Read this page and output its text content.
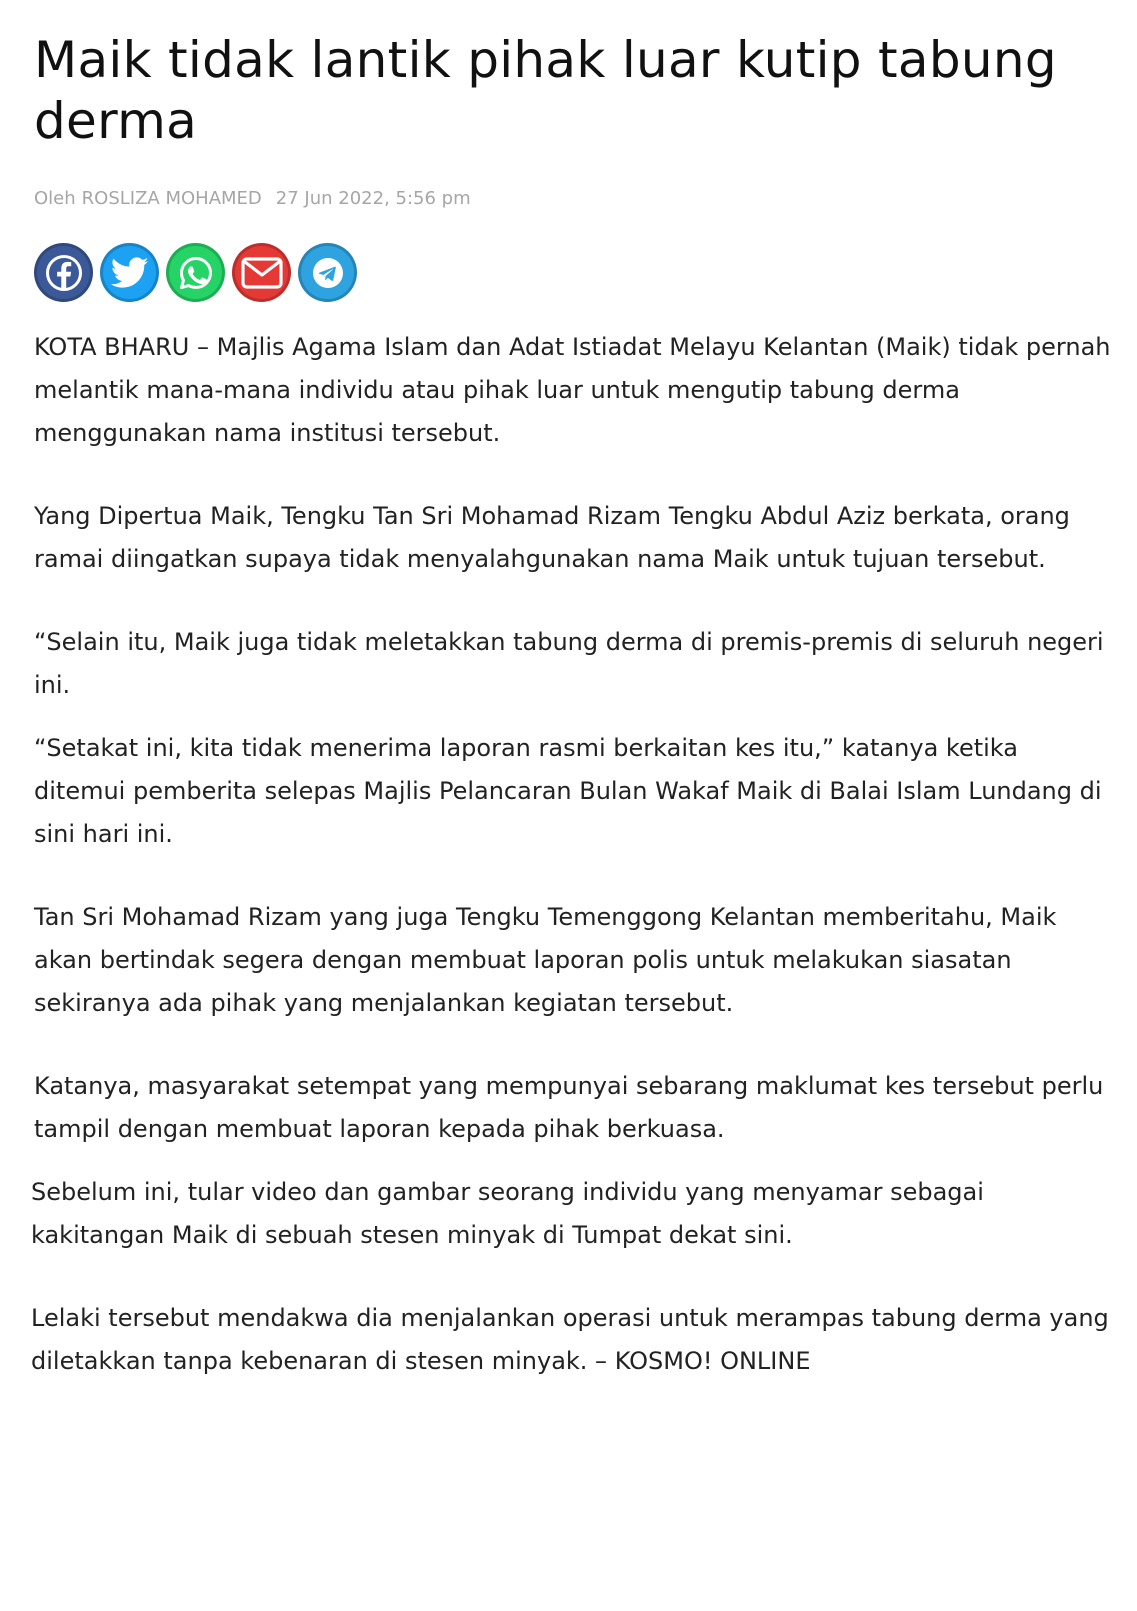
Maik tidak lantik pihak luar kutip tabung derma
Oleh ROSLIZA MOHAMED 27 Jun 2022, 5:56 pm

KOTA BHARU – Majlis Agama Islam dan Adat Istiadat Melayu Kelantan (Maik) tidak pernah melantik mana-mana individu atau pihak luar untuk mengutip tabung derma menggunakan nama institusi tersebut.

Yang Dipertua Maik, Tengku Tan Sri Mohamad Rizam Tengku Abdul Aziz berkata, orang ramai diingatkan supaya tidak menyalahgunakan nama Maik untuk tujuan tersebut.

“Selain itu, Maik juga tidak meletakkan tabung derma di premis-premis di seluruh negeri ini.

“Setakat ini, kita tidak menerima laporan rasmi berkaitan kes itu,” katanya ketika ditemui pemberita selepas Majlis Pelancaran Bulan Wakaf Maik di Balai Islam Lundang di sini hari ini.

Tan Sri Mohamad Rizam yang juga Tengku Temenggong Kelantan memberitahu, Maik akan bertindak segera dengan membuat laporan polis untuk melakukan siasatan sekiranya ada pihak yang menjalankan kegiatan tersebut.

Katanya, masyarakat setempat yang mempunyai sebarang maklumat kes tersebut perlu tampil dengan membuat laporan kepada pihak berkuasa.

Sebelum ini, tular video dan gambar seorang individu yang menyamar sebagai kakitangan Maik di sebuah stesen minyak di Tumpat dekat sini.

Lelaki tersebut mendakwa dia menjalankan operasi untuk merampas tabung derma yang diletakkan tanpa kebenaran di stesen minyak. – KOSMO! ONLINE
